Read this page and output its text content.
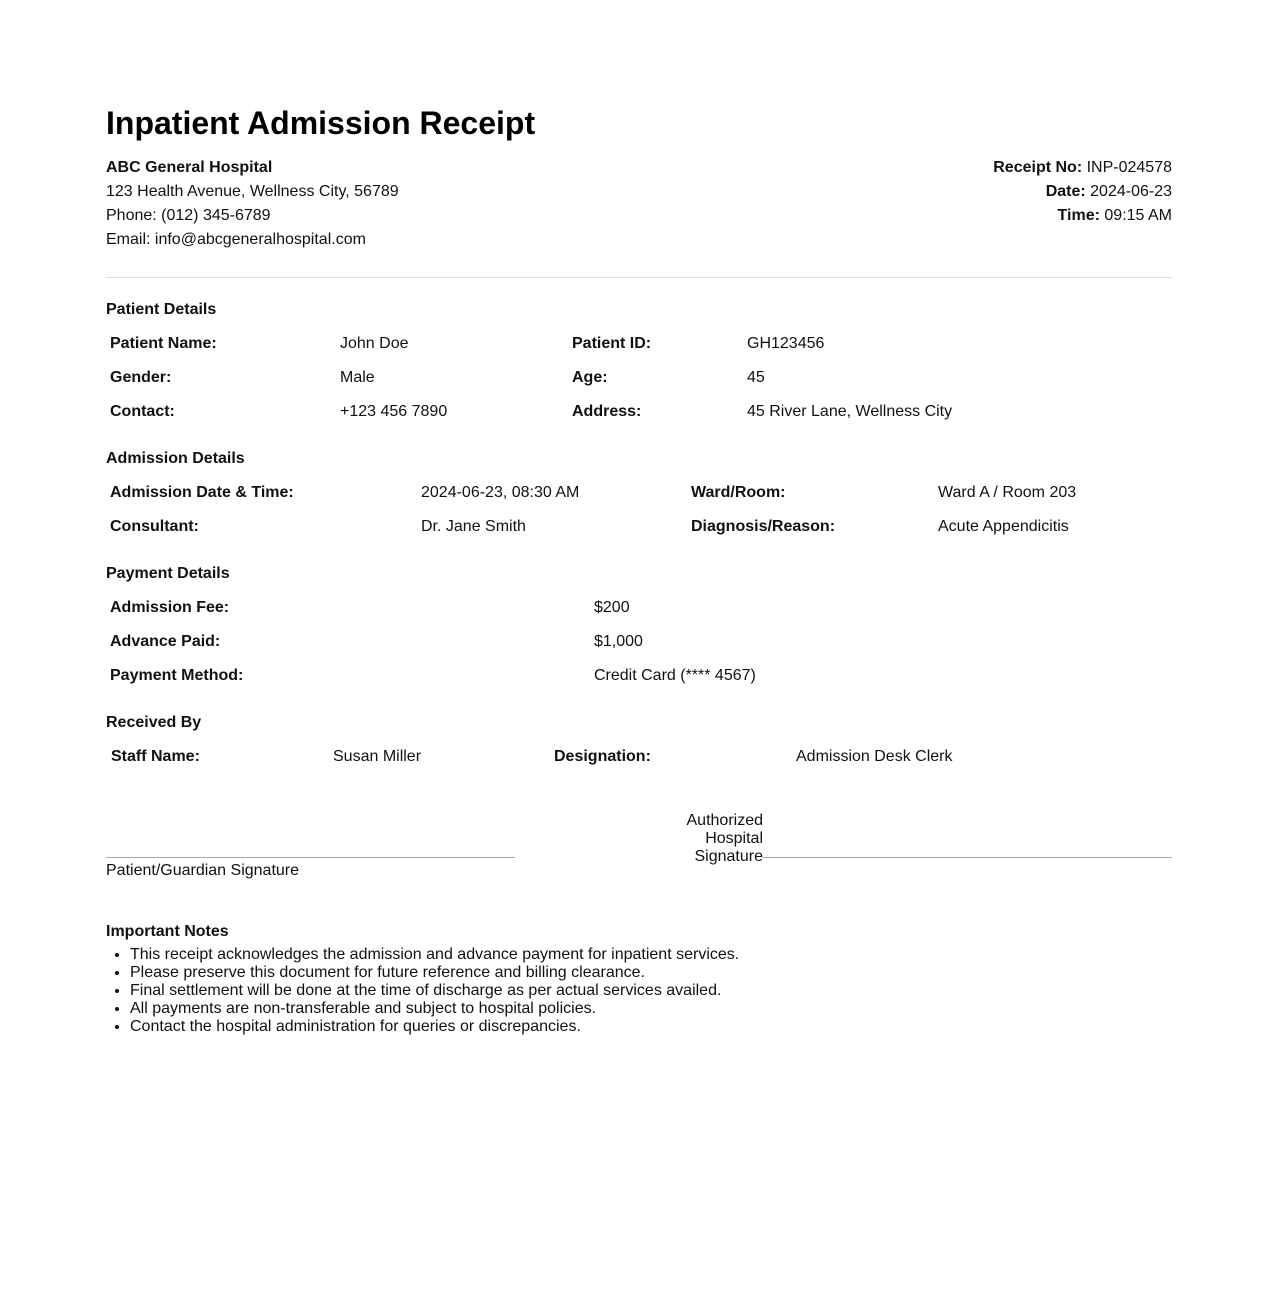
Inpatient Admission Receipt
ABC General Hospital
123 Health Avenue, Wellness City, 56789
Phone: (012) 345-6789
Email: info@abcgeneralhospital.com
Receipt No: INP-024578
Date: 2024-06-23
Time: 09:15 AM
Patient Details
Patient Name:	John Doe	Patient ID:	GH123456
Gender:	Male	Age:	45
Contact:	+123 456 7890	Address:	45 River Lane, Wellness City
Admission Details
Admission Date & Time:	2024-06-23, 08:30 AM	Ward/Room:	Ward A / Room 203
Consultant:	Dr. Jane Smith	Diagnosis/Reason:	Acute Appendicitis
Payment Details
Admission Fee:	$200
Advance Paid:	$1,000
Payment Method:	Credit Card (**** 4567)
Received By
Staff Name:	Susan Miller	Designation:	Admission Desk Clerk
Patient/Guardian Signature
Authorized Hospital Signature
Important Notes
• This receipt acknowledges the admission and advance payment for inpatient services.
• Please preserve this document for future reference and billing clearance.
• Final settlement will be done at the time of discharge as per actual services availed.
• All payments are non-transferable and subject to hospital policies.
• Contact the hospital administration for queries or discrepancies.
